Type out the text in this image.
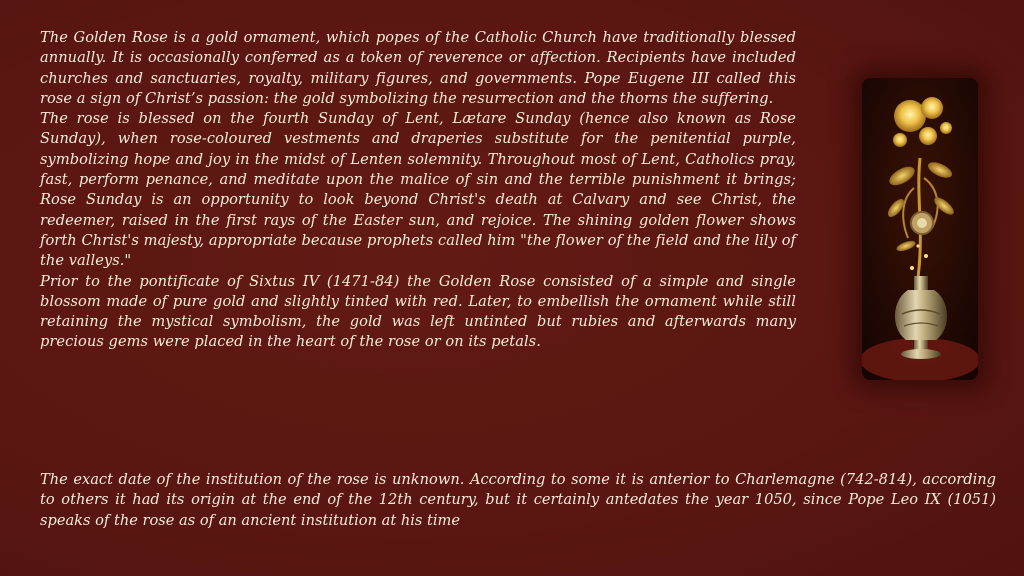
The Golden Rose is a gold ornament, which popes of the Catholic Church have traditionally blessed annually. It is occasionally conferred as a token of reverence or affection. Recipients have included churches and sanctuaries, royalty, military figures, and governments. Pope Eugene III called this rose a sign of Christ’s passion: the gold symbolizing the resurrection and the thorns the suffering.

The rose is blessed on the fourth Sunday of Lent, Lætare Sunday (hence also known as Rose Sunday), when rose-coloured vestments and draperies substitute for the penitential purple, symbolizing hope and joy in the midst of Lenten solemnity. Throughout most of Lent, Catholics pray, fast, perform penance, and meditate upon the malice of sin and the terrible punishment it brings; Rose Sunday is an opportunity to look beyond Christ's death at Calvary and see Christ, the redeemer, raised in the first rays of the Easter sun, and rejoice. The shining golden flower shows forth Christ's majesty, appropriate because prophets called him "the flower of the field and the lily of the valleys."

Prior to the pontificate of Sixtus IV (1471-84) the Golden Rose consisted of a simple and single blossom made of pure gold and slightly tinted with red. Later, to embellish the ornament while still retaining the mystical symbolism, the gold was left untinted but rubies and afterwards many precious gems were placed in the heart of the rose or on its petals.

The exact date of the institution of the rose is unknown. According to some it is anterior to Charlemagne (742-814), according to others it had its origin at the end of the 12th century, but it certainly antedates the year 1050, since Pope Leo IX (1051) speaks of the rose as of an ancient institution at his time
